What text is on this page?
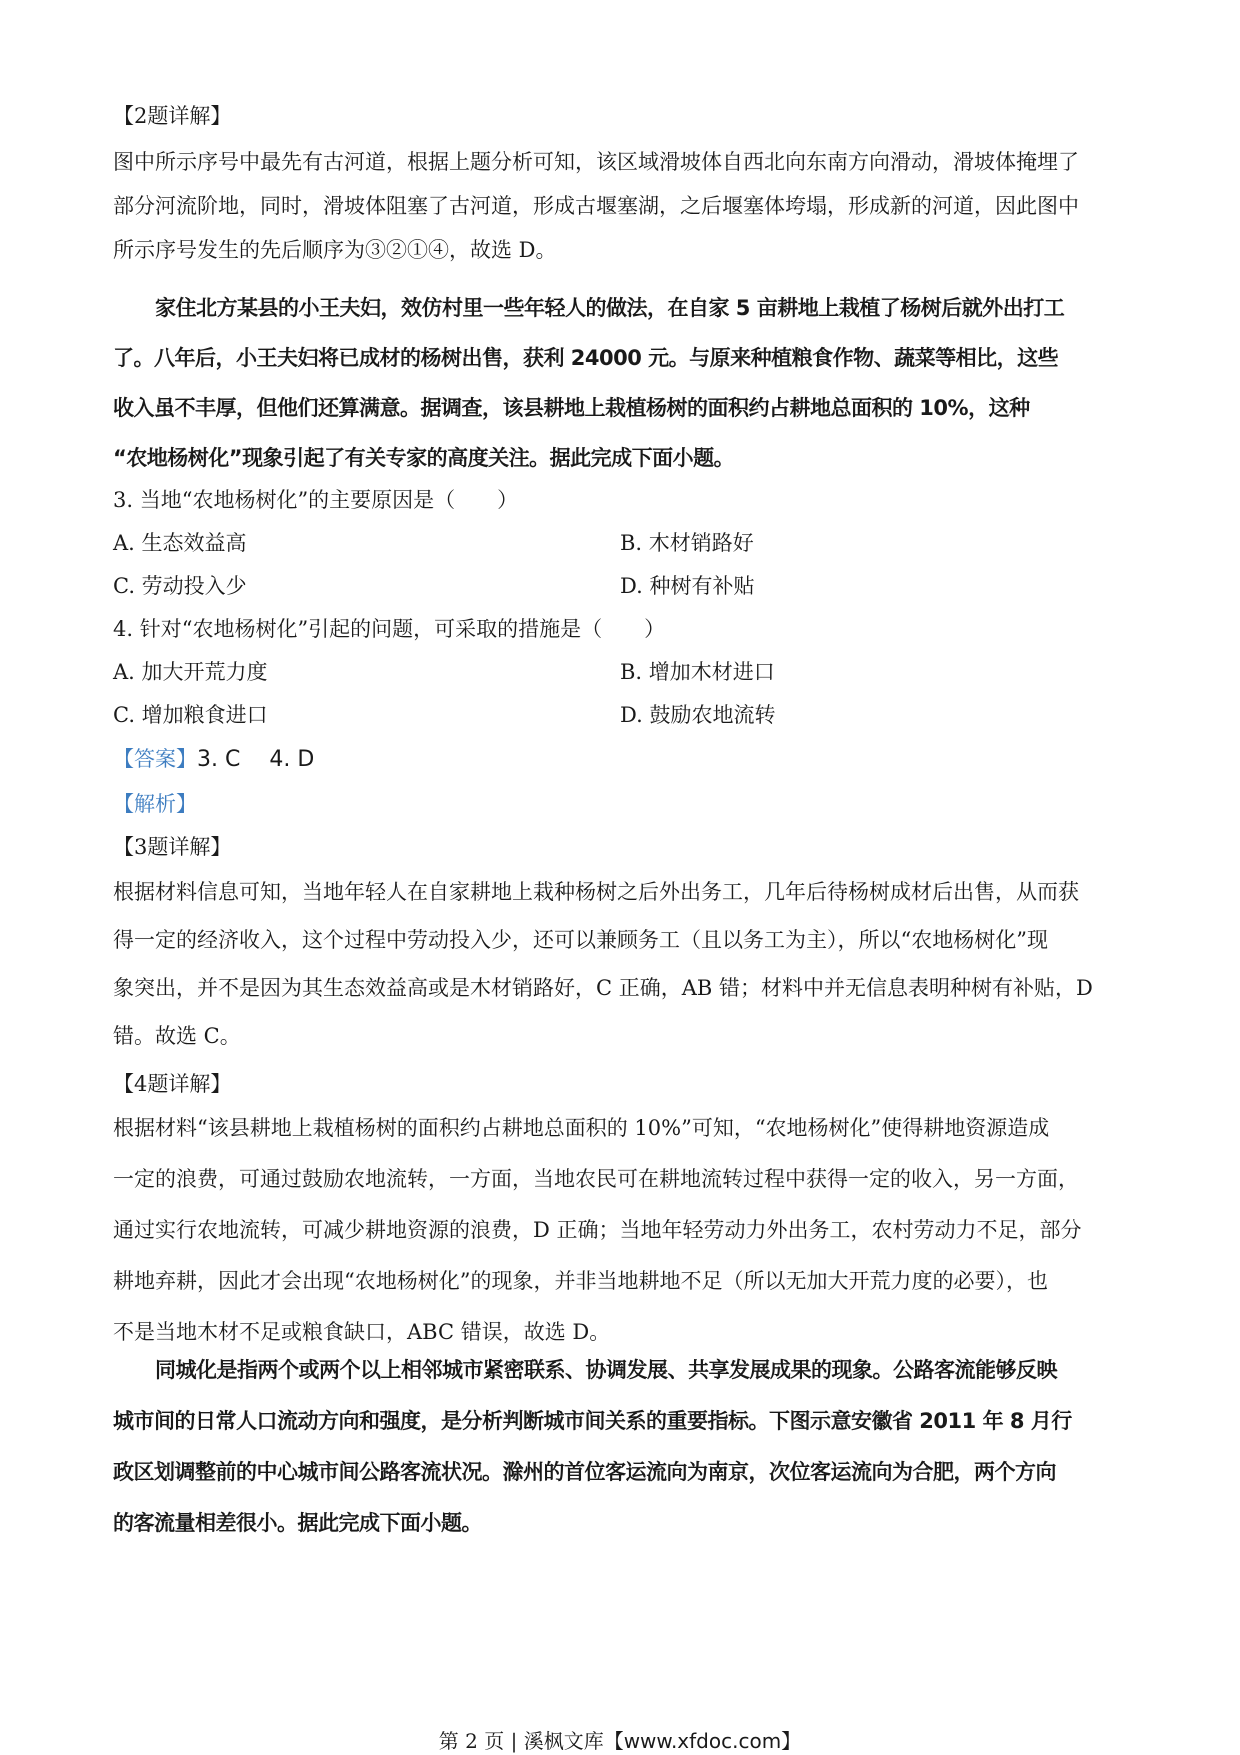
【2题详解】
图中所示序号中最先有古河道，根据上题分析可知，该区域滑坡体自西北向东南方向滑动，滑坡体掩埋了
部分河流阶地，同时，滑坡体阻塞了古河道，形成古堰塞湖，之后堰塞体垮塌，形成新的河道，因此图中
所示序号发生的先后顺序为③②①④，故选 D。
家住北方某县的小王夫妇，效仿村里一些年轻人的做法，在自家 5 亩耕地上栽植了杨树后就外出打工
了。八年后，小王夫妇将已成材的杨树出售，获利 24000 元。与原来种植粮食作物、蔬菜等相比，这些
收入虽不丰厚，但他们还算满意。据调查，该县耕地上栽植杨树的面积约占耕地总面积的 10%，这种
“农地杨树化”现象引起了有关专家的高度关注。据此完成下面小题。
3. 当地“农地杨树化”的主要原因是（　　）
A. 生态效益高	B. 木材销路好
C. 劳动投入少	D. 种树有补贴
4. 针对“农地杨树化”引起的问题，可采取的措施是（　　）
A. 加大开荒力度	B. 增加木材进口
C. 增加粮食进口	D. 鼓励农地流转
【答案】3. C　 4. D
【解析】
【3题详解】
根据材料信息可知，当地年轻人在自家耕地上栽种杨树之后外出务工，几年后待杨树成材后出售，从而获
得一定的经济收入，这个过程中劳动投入少，还可以兼顾务工（且以务工为主），所以“农地杨树化”现
象突出，并不是因为其生态效益高或是木材销路好，C 正确，AB 错；材料中并无信息表明种树有补贴，D
错。故选 C。
【4题详解】
根据材料“该县耕地上栽植杨树的面积约占耕地总面积的 10%”可知，“农地杨树化”使得耕地资源造成
一定的浪费，可通过鼓励农地流转，一方面，当地农民可在耕地流转过程中获得一定的收入，另一方面，
通过实行农地流转，可减少耕地资源的浪费，D 正确；当地年轻劳动力外出务工，农村劳动力不足，部分
耕地弃耕，因此才会出现“农地杨树化”的现象，并非当地耕地不足（所以无加大开荒力度的必要），也
不是当地木材不足或粮食缺口，ABC 错误，故选 D。
同城化是指两个或两个以上相邻城市紧密联系、协调发展、共享发展成果的现象。公路客流能够反映
城市间的日常人口流动方向和强度，是分析判断城市间关系的重要指标。下图示意安徽省 2011 年 8 月行
政区划调整前的中心城市间公路客流状况。滁州的首位客运流向为南京，次位客运流向为合肥，两个方向
的客流量相差很小。据此完成下面小题。
第 2 页 | 溪枫文库【www.xfdoc.com】
